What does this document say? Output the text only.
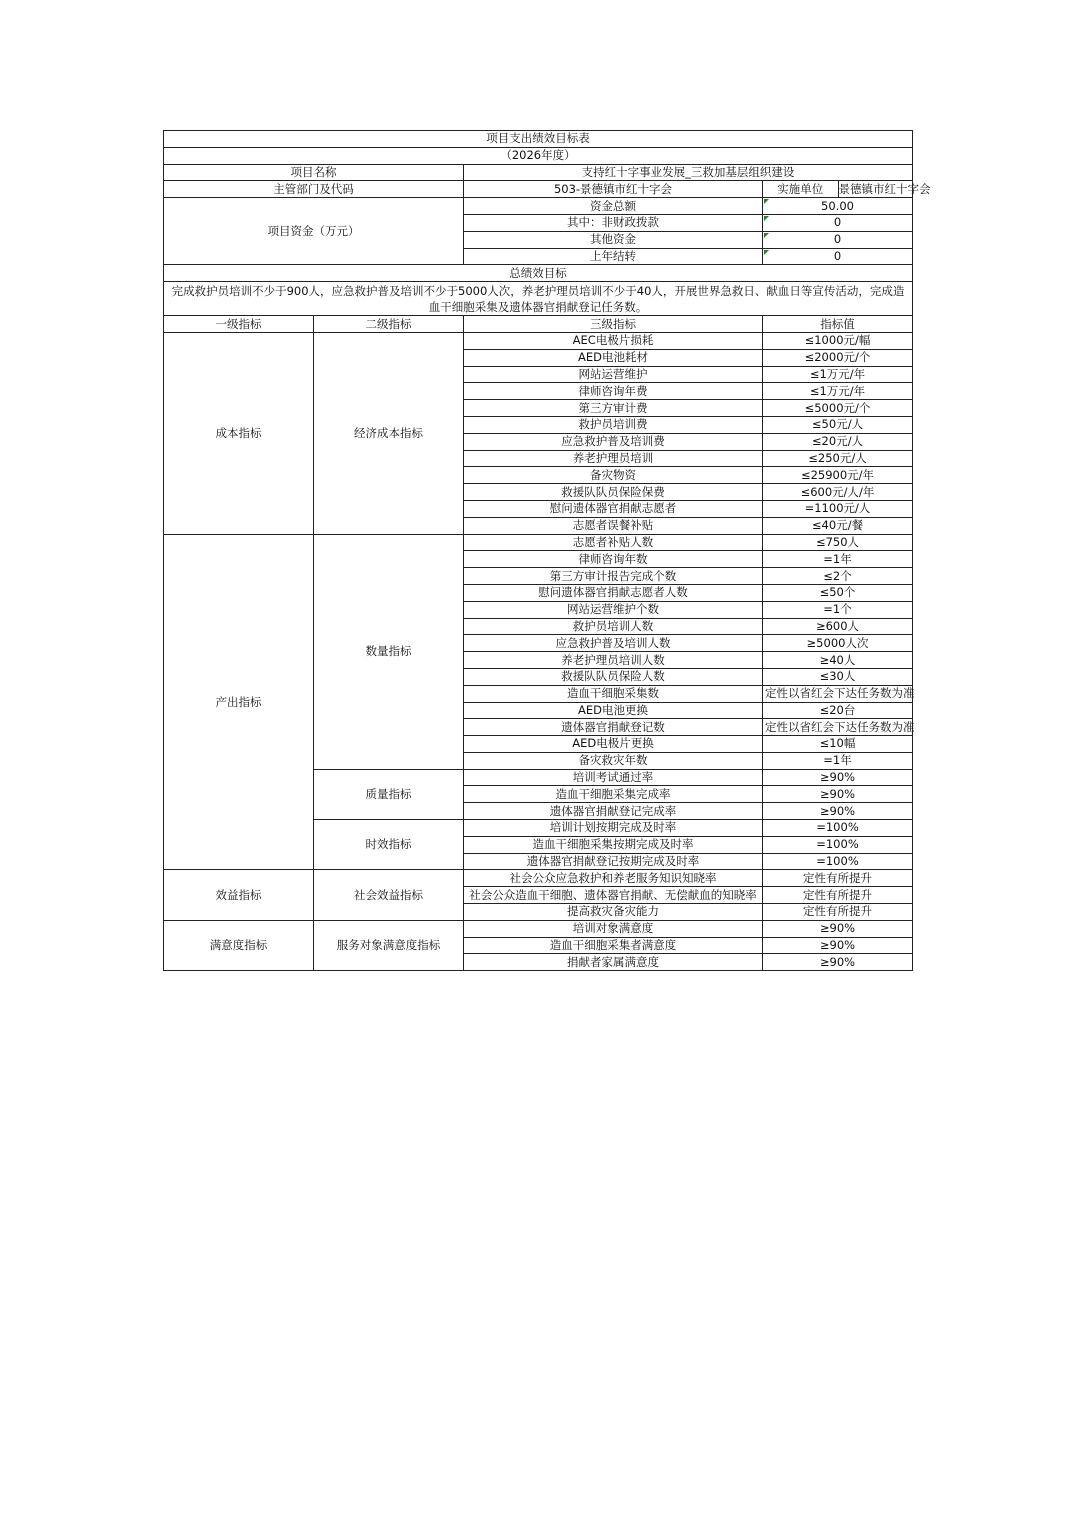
项目支出绩效目标表
（2026年度）
项目名称	支持红十字事业发展_三救加基层组织建设
主管部门及代码	503-景德镇市红十字会		实施单位	景德镇市红十字会

项目资金（万元）	资金总额	50.00
其中：非财政拨款	0
其他资金	0
上年结转	0
总绩效目标
完成救护员培训不少于900人，应急救护普及培训不少于5000人次，养老护理员培训不少于40人，开展世界急救日、献血日等宣传活动，完成造血干细胞采集及遗体器官捐献登记任务数。
一级指标	二级指标	三级指标	指标值
成本指标	经济成本指标	AEC电极片损耗	≤1000元/幅
AED电池耗材	≤2000元/个
网站运营维护	≤1万元/年
律师咨询年费	≤1万元/年
第三方审计费	≤5000元/个
救护员培训费	≤50元/人
应急救护普及培训费	≤20元/人
养老护理员培训	≤250元/人
备灾物资	≤25900元/年
救援队队员保险保费	≤600元/人/年
慰问遗体器官捐献志愿者	=1100元/人
志愿者误餐补贴	≤40元/餐
产出指标	数量指标	志愿者补贴人数	≤750人
律师咨询年数	=1年
第三方审计报告完成个数	≤2个
慰问遗体器官捐献志愿者人数	≤50个
网站运营维护个数	=1个
救护员培训人数	≥600人
应急救护普及培训人数	≥5000人次
养老护理员培训人数	≥40人
救援队队员保险人数	≤30人
造血干细胞采集数	定性以省红会下达任务数为准
AED电池更换	≤20台
遗体器官捐献登记数	定性以省红会下达任务数为准
AED电极片更换	≤10幅
备灾救灾年数	=1年
质量指标	培训考试通过率	≥90%
造血干细胞采集完成率	≥90%
遗体器官捐献登记完成率	≥90%
时效指标	培训计划按期完成及时率	=100%
造血干细胞采集按期完成及时率	=100%
遗体器官捐献登记按期完成及时率	=100%
效益指标	社会效益指标	社会公众应急救护和养老服务知识知晓率	定性有所提升
社会公众造血干细胞、遗体器官捐献、无偿献血的知晓率	定性有所提升
提高救灾备灾能力	定性有所提升
满意度指标	服务对象满意度指标	培训对象满意度	≥90%
造血干细胞采集者满意度	≥90%
捐献者家属满意度	≥90%
